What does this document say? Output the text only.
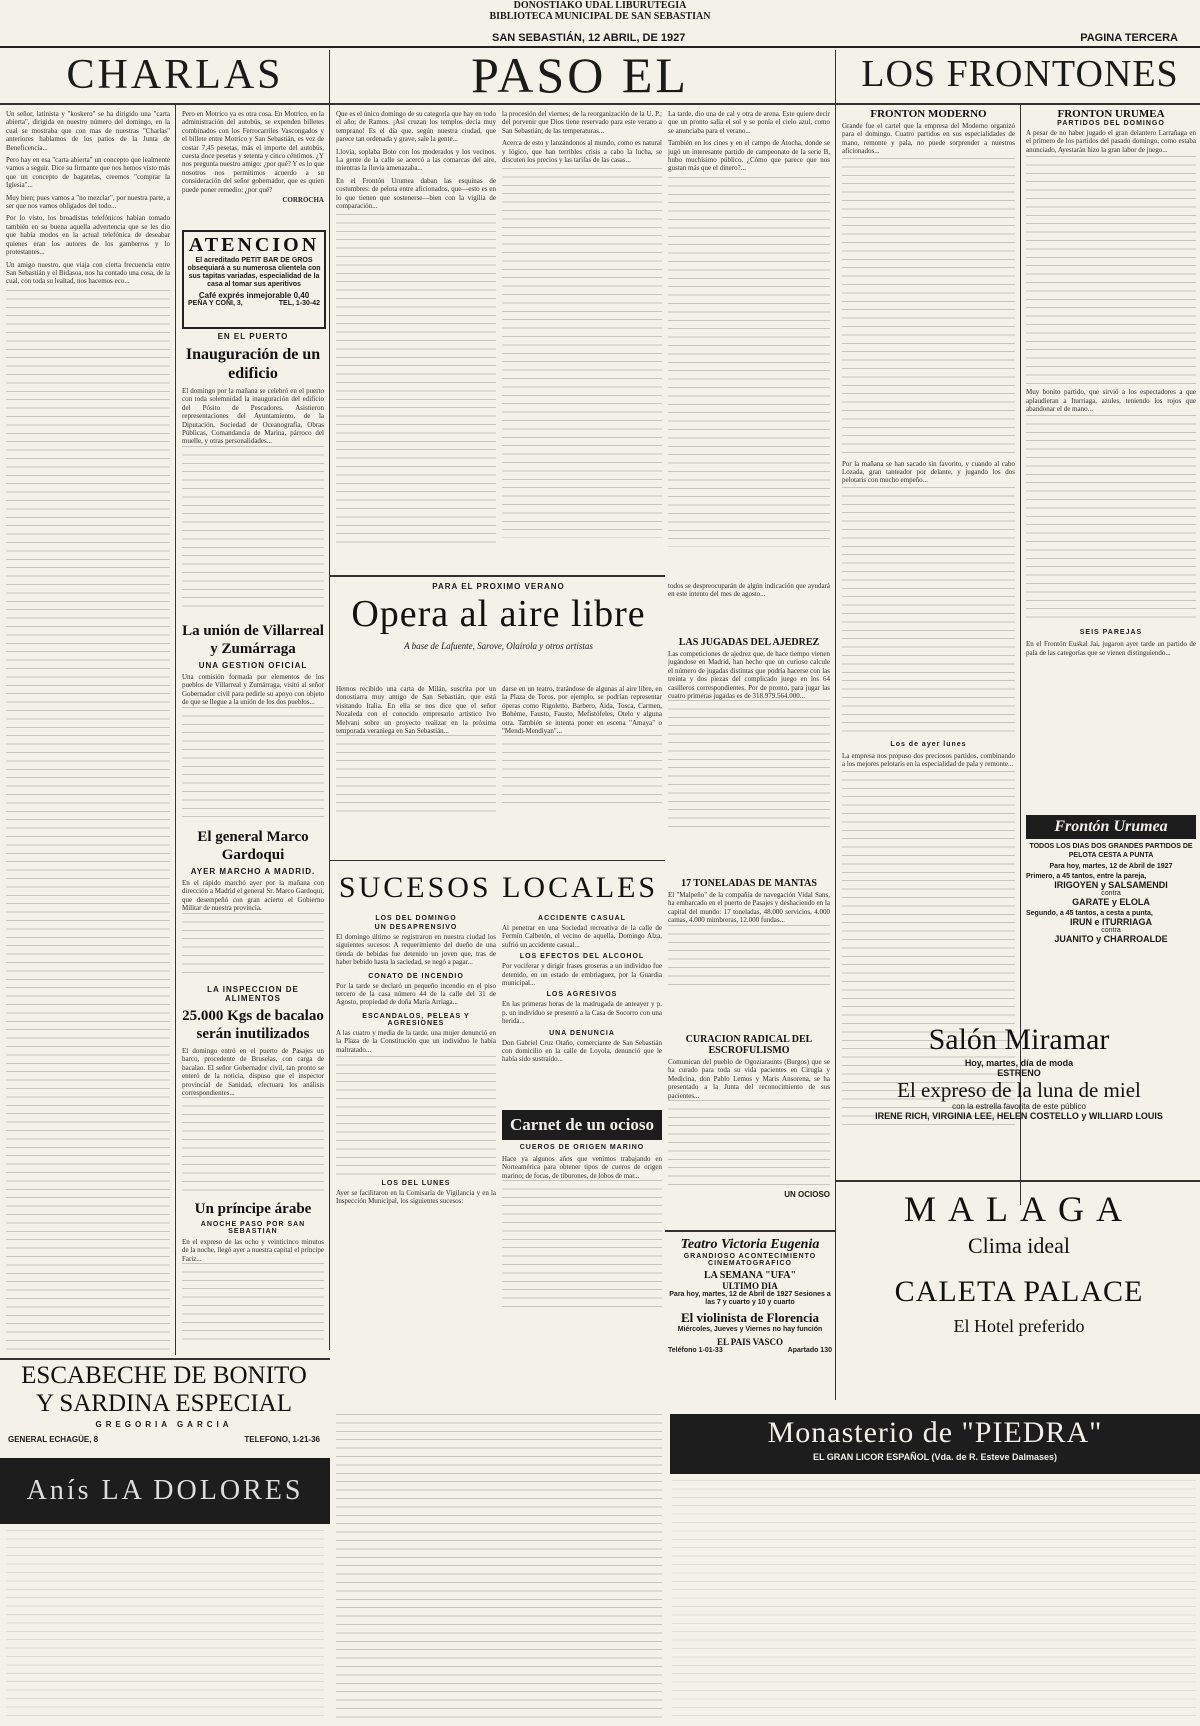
DONOSTIAKO UDAL LIBURUTEGIA
BIBLIOTECA MUNICIPAL DE SAN SEBASTIAN
SAN SEBASTIÁN, 12 ABRIL, DE 1927	PAGINA TERCERA
CHARLAS	PASO EL	LOS FRONTONES

Un señor, latinista y "koskero" se ha dirigido una "carta abierta", dirigida en nuestro número del domingo, en la cual se mostraba que con mas de nuestras "Charlas" anteriores hablamos de los patios de la Junta de Beneficencia...

Pero hay en esa "carta abierta" un concepto que lealmente vamos a seguir. Dice su firmante que nos hemos visto más que un concepto de bagatelas, creemos "comprar la Iglesia"...

Muy bien; pues vamos a "no mezclar", por nuestra parte, a ser que nos vamos obligados del todo...

Por lo visto, los broadistas telefónicos habían tomado también en su buena aquella advertencia que se les dio que había modos en la actual telefónica de deseabar quienes eran los autores de los gamberros y lo protestantes...

Un amigo nuestro, que viaja con cierta frecuencia entre San Sebastián y el Bidasoa, nos ha contado una cosa, de la cual, con toda su lealtad, nos hacemos eco...

Pero en Motrico ya es otra cosa. En Motrico, en la administración del autobús, se expenden billetes combinados con los Ferrocarriles Vascongados y el billete entre Motrico y San Sebastián, es vez de costar 7,45 pesetas, más el importe del autobús, cuesta doce pesetas y setenta y cinco céntimos. ¿Y nos pregunta nuestro amigo: ¿por qué? Y es lo que nosotros nos permitimos acuerdo a su consideración del señor gobernador, que es quien puede poner remedio: ¿por qué?

CORROCHA
ATENCION
El acreditado PETIT BAR DE GROS obsequiará a su numerosa clientela con sus tapitas variadas, especialidad de la casa al tomar sus aperitivos
Café exprés inmejorable 0,40
PEÑA Y COÑI, 3,	TEL, 1-30-42
EN EL PUERTO
Inauguración de un edificio

El domingo por la mañana se celebró en el puerto con toda solemnidad la inauguración del edificio del Pósito de Pescadores. Asistieron representaciones del Ayuntamiento, de la Diputación, Sociedad de Oceanografía, Obras Públicas, Comandancia de Marina, párroco del muelle, y otras personalidades...

La unión de Villarreal y Zumárraga
UNA GESTION OFICIAL

Una comisión formada por elementos de los pueblos de Villarreal y Zumárraga, visitó al señor Gobernador civil para pedirle su apoyo con objeto de que se llegue a la unión de los dos pueblos...

El general Marco Gardoqui
AYER MARCHO A MADRID.

En el rápido marchó ayer por la mañana con dirección a Madrid el general Sr. Marco Gardoqui, que desempeñó con gran acierto el Gobierno Militar de nuestra provincia.

LA INSPECCION DE ALIMENTOS
25.000 Kgs de bacalao serán inutilizados

El domingo entró en el puerto de Pasajes un barco, procedente de Bruselas, con carga de bacalao. El señor Gobernador civil, tan pronto se enteró de la noticia, dispuso que el inspector provincial de Sanidad, efectuara los análisis correspondientes...

Un príncipe árabe
ANOCHE PASO POR SAN SEBASTIAN

En el expreso de las ocho y veinticinco minutos de la noche, llegó ayer a nuestra capital el príncipe Fariz...

ESCABECHE DE BONITO
Y SARDINA ESPECIAL
GREGORIA GARCIA
GENERAL ECHAGÜE, 8	TELEFONO, 1-21-36
Anís LA DOLORES

Que es el único domingo de su categoría que hay en todo el año; de Ramos. ¡Así cruzan los templos decía muy temprano! Es el día que, según nuestra ciudad, que parece tan ordenada y grave, sale la gente...

Llovía, soplaba Boto con los moderados y los vecinos. La gente de la calle se acercó a las comarcas del aire, mientras la lluvia amenazaba...

En el Frontón Urumea daban las esquinas de costumbres: de pelota entre aficionados, que—esto es en lo que tienen que sostenerse—bien con la vigilia de comparación...

la procesión del viernes; de la reorganización de la U. P.; del porvenir que Dios tiene reservado para este verano a San Sebastián; de las temperaturas...

Acerca de esto y lanzándonos al mundo, como es natural y lógico, que han terribles crisis a cabo la lucha, se discuten los precios y las tarifas de las casas...

La tarde, dio una de cal y otra de arena. Este quiere decir que un pronto salía el sol y se ponía el cielo azul, como se anunciaba para el verano...

También en los cines y en el campo de Atocha, donde se jugó un interesante partido de campeonato de la serie B, hubo muchísimo público. ¿Cómo que parece que nos gustan más que el dinero?...

PARA EL PROXIMO VERANO
Opera al aire libre
A base de Lafuente, Sarove, Olairola y otros artistas

Hemos recibido una carta de Milán, suscrita por un donostiarra muy amigo de San Sebastián, que está visitando Italia. En ella se nos dice que el señor Nozaleda con el conocido empresario artístico Ivo Melvani sobre un proyecto realizar en la próxima temporada veraniega en San Sebastián...

darse en un teatro, tratándose de algunas al aire libre, en la Plaza de Toros, por ejemplo, se podrían representar óperas como Rigoletto, Barbero, Aida, Tosca, Carmen, Bohème, Fausto, Fausto, Mefistófeles, Otelo y alguna otra. También se intenta poner en escena "Amaya" o "Mendi-Mendiyan"...

todos se despreocuparán de algún indicación que ayudará en este intento del mes de agosto...

LAS JUGADAS DEL AJEDREZ

Las competiciones de ajedrez que, de hace tiempo vienen jugándose en Madrid, han hecho que un curioso calcule el número de jugadas distintas que podría hacerse con las treinta y dos piezas del complicado juego en los 64 casilleros correspondientes. Por de pronto, para jugar las cuatro primeras jugadas es de 318.979.564.000...

17 TONELADAS DE MANTAS

El "Malpeño" de la compañía de navegación Vidal Sans, ha embarcado en el puerto de Pasajes y deshaciendo en la capital del mundo: 17 toneladas, 48.000 servicios, 4.000 camas, 4.000 mimbreras, 12.000 fundas...

CURACION RADICAL DEL ESCROFULISMO

Comunican del pueblo de Ogoziaraunts (Burgos) que se ha curado para toda su vida pacientes en Cirugía y Medicina, don Pablo Lemos y Maris Ansorena, se ha presentado a la Junta del reconocimiento de sus pacientes...

UN OCIOSO
SUCESOS LOCALES
LOS DEL DOMINGO
UN DESAPRENSIVO

El domingo último se registraron en nuestra ciudad los siguientes sucesos: A requerimiento del dueño de una tienda de bebidas fue detenido un joven que, tras de haber bebido hasta la saciedad, se negó a pagar...

CONATO DE INCENDIO

Por la tarde se declaró un pequeño incendio en el piso tercero de la casa número 44 de la calle del 31 de Agosto, propiedad de doña María Arriaga...

ESCANDALOS, PELEAS Y AGRESIONES

A las cuatro y media de la tarde, una mujer denunció en la Plaza de la Constitución que un individuo le había maltratado...

LOS DEL LUNES

Ayer se facilitaron en la Comisaría de Vigilancia y en la Inspección Municipal, los siguientes sucesos:

ACCIDENTE CASUAL

Al penetrar en una Sociedad recreativa de la calle de Fermín Calbetón, el vecino de aquella, Domingo Alza, sufrió un accidente casual...

LOS EFECTOS DEL ALCOHOL

Por vociferar y dirigir frases groseras a un individuo fue detenido, en un estado de embriaguez, por la Guardia municipal...

LOS AGRESIVOS

En las primeras horas de la madrugada de anteayer y p. p. un individuo se presentó a la Casa de Socorro con una herida...

UNA DENUNCIA

Don Gabriel Cruz Otaño, comerciante de San Sebastián con domicilio en la calle de Loyola, denunció que le había sido sustraído...

Carnet de un ocioso
CUEROS DE ORIGEN MARINO

Hace ya algunos años que venimos trabajando en Norteamérica para obtener tipos de cueros de origen marino; de focas, de tiburones, de lobos de mar...

Teatro Victoria Eugenia
GRANDIOSO ACONTECIMIENTO CINEMATOGRAFICO
LA SEMANA "UFA"
ULTIMO DIA
Para hoy, martes, 12 de Abril de 1927 Sesiones a las 7 y cuarto y 10 y cuarto
El violinista de Florencia
Miércoles, Jueves y Viernes no hay función
EL PAIS VASCO
Teléfono 1-01-33	Apartado 130
FRONTON MODERNO

Grande fue el cartel que la empresa del Moderno organizó para el domingo. Cuatro partidos en sus especialidades de mano, remonte y pala, no puede sorprender a nuestros aficionados...

Por la mañana se han sacado sin favorito, y cuando al cabo Lozada, gran tanteador por delante, y jugando los dos pelotaris con mucho empeño...

Los de ayer lunes

La empresa nos propuso dos preciosos partidos, combinando a los mejores pelotaris en la especialidad de pala y remonte...

FRONTON URUMEA
PARTIDOS DEL DOMINGO

A pesar de no haber jugado el gran delantero Larrañaga en el primero de los partidos del pasado domingo, como estaba anunciado, Ayestarán hizo la gran labor de juego...

Muy bonito partido, que sirvió a los espectadores a que aplaudieran a Iturriaga, azules, teniendo los rojos que abandonar el de mano...

SEIS PAREJAS

En el Frontón Euskal Jai, jugaron ayer tarde un partido de pala de las categorías que se vienen distinguiendo...

Frontón Urumea
TODOS LOS DIAS DOS GRANDES PARTIDOS DE PELOTA CESTA A PUNTA
Para hoy, martes, 12 de Abril de 1927
Primero, a 45 tantos, entre la pareja,
IRIGOYEN y SALSAMENDI
contra
GARATE y ELOLA
Segundo, a 45 tantos, a cesta a punta,
IRUN e ITURRIAGA
contra
JUANITO y CHARROALDE
Salón Miramar
Hoy, martes, día de moda
ESTRENO
El expreso de la luna de miel
con la estrella favorita de este público
IRENE RICH, VIRGINIA LEE, HELEN COSTELLO y WILLIARD LOUIS
MALAGA
Clima ideal
CALETA PALACE
El Hotel preferido
Monasterio de "PIEDRA"
EL GRAN LICOR ESPAÑOL (Vda. de R. Esteve Dalmases)
